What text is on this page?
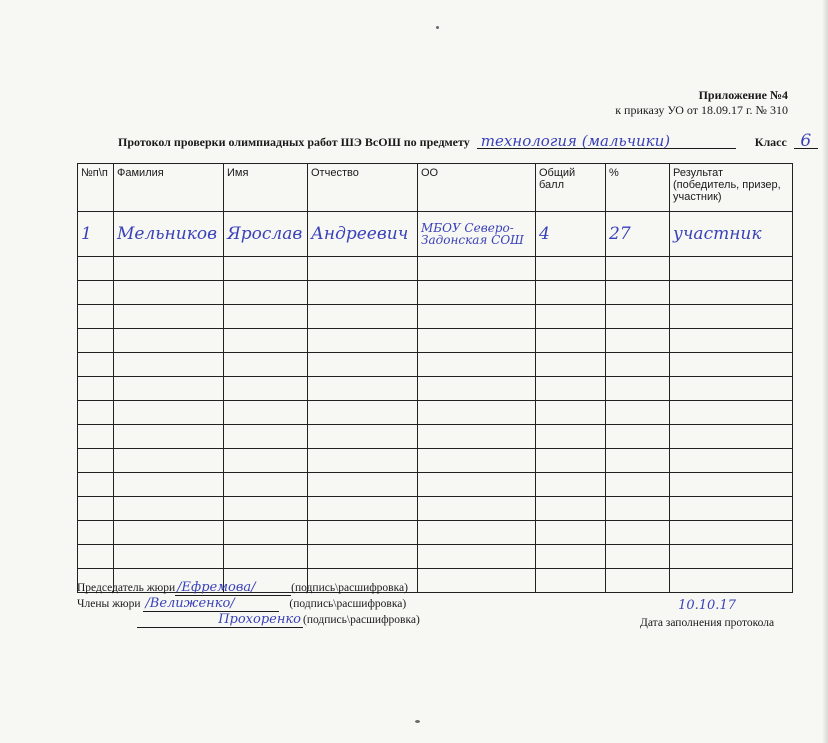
Приложение №4
к приказу УО от 18.09.17 г. № 310
Протокол проверки олимпиадных работ ШЭ ВсОШ по предмету технология (мальчики)	Класс 6
№п\п	Фамилия	Имя	Отчество	ОО	Общий балл	%	Результат (победитель, призер, участник)
1	Мельников	Ярослав	Андреевич	МБОУ Северо-Задонская СОШ	4	27	участник

Председатель жюри /Ефремова/	(подпись\расшифровка)
Члены жюри /Велиженко/	(подпись\расшифровка)
Прохоренко (подпись\расшифровка)
10.10.17
Дата заполнения протокола
